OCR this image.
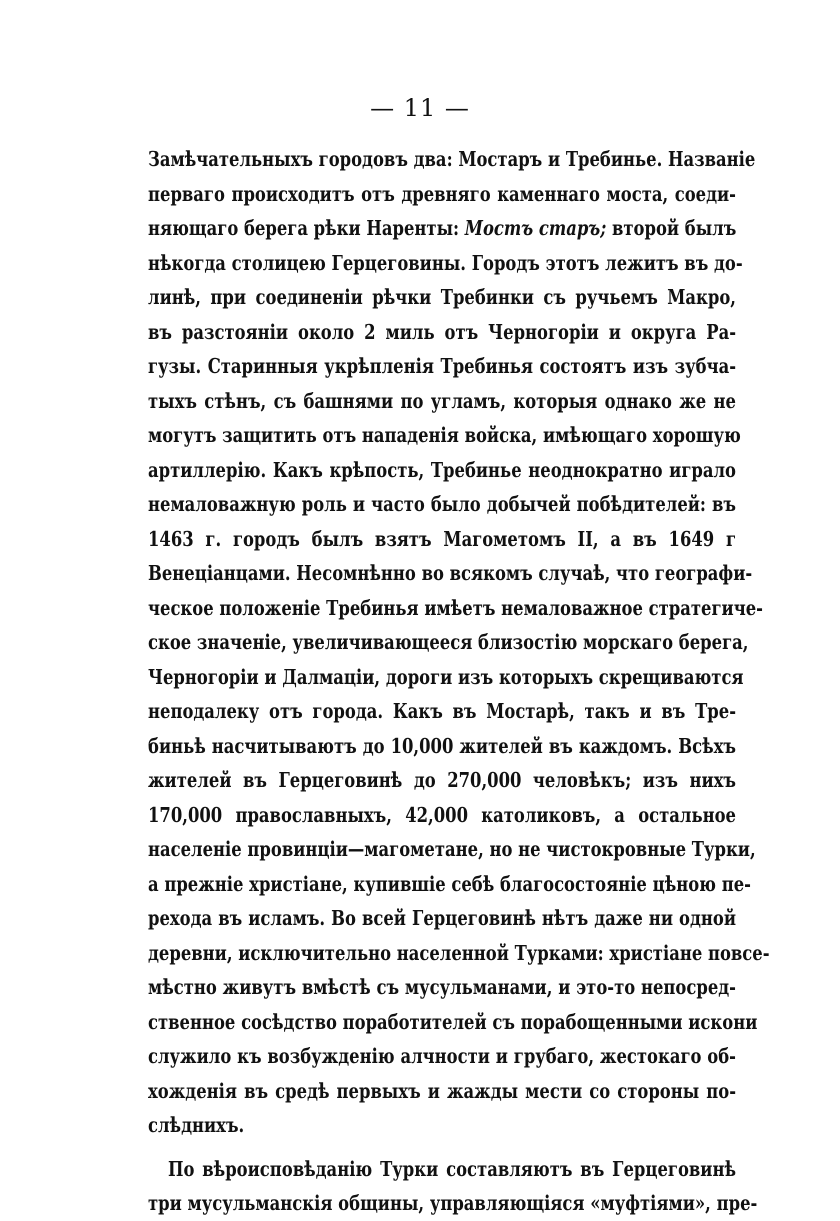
— 11 —
Замѣчательныхъ городовъ два: Мостаръ и Требинье. Названіе
перваго происходитъ отъ древняго каменнаго моста, соеди-
няющаго берега рѣки Наренты: Мостъ старъ; второй былъ
нѣкогда столицею Герцеговины. Городъ этотъ лежитъ въ до-
линѣ, при соединеніи рѣчки Требинки съ ручьемъ Макро,
въ разстояніи около 2 миль отъ Черногоріи и округа Ра-
гузы. Старинныя укрѣпленія Требинья состоятъ изъ зубча-
тыхъ стѣнъ, съ башнями по угламъ, которыя однако же не
могутъ защитить отъ нападенія войска, имѣющаго хорошую
артиллерію. Какъ крѣпость, Требинье неоднократно играло
немаловажную роль и часто было добычей побѣдителей: въ
1463 г. городъ былъ взятъ Магометомъ II, а въ 1649 г
Венеціанцами. Несомнѣнно во всякомъ случаѣ, что географи-
ческое положеніе Требинья имѣетъ немаловажное стратегиче-
ское значеніе, увеличивающееся близостію морскаго берега,
Черногоріи и Далмаціи, дороги изъ которыхъ скрещиваются
неподалеку отъ города. Какъ въ Мостарѣ, такъ и въ Тре-
биньѣ насчитываютъ до 10,000 жителей въ каждомъ. Всѣхъ
жителей въ Герцеговинѣ до 270,000 человѣкъ; изъ нихъ
170,000 православныхъ, 42,000 католиковъ, а остальное
населеніе провинціи—магометане, но не чистокровные Турки,
а прежніе христіане, купившіе себѣ благосостояніе цѣною пе-
рехода въ исламъ. Во всей Герцеговинѣ нѣтъ даже ни одной
деревни, исключительно населенной Турками: христіане повсе-
мѣстно живутъ вмѣстѣ съ мусульманами, и это-то непосред-
ственное сосѣдство поработителей съ порабощенными искони
служило къ возбужденію алчности и грубаго, жестокаго об-
хожденія въ средѣ первыхъ и жажды мести со стороны по-
слѣднихъ.
По вѣроисповѣданію Турки составляютъ въ Герцеговинѣ
три мусульманскія общины, управляющіяся «муфтіями», пре-
